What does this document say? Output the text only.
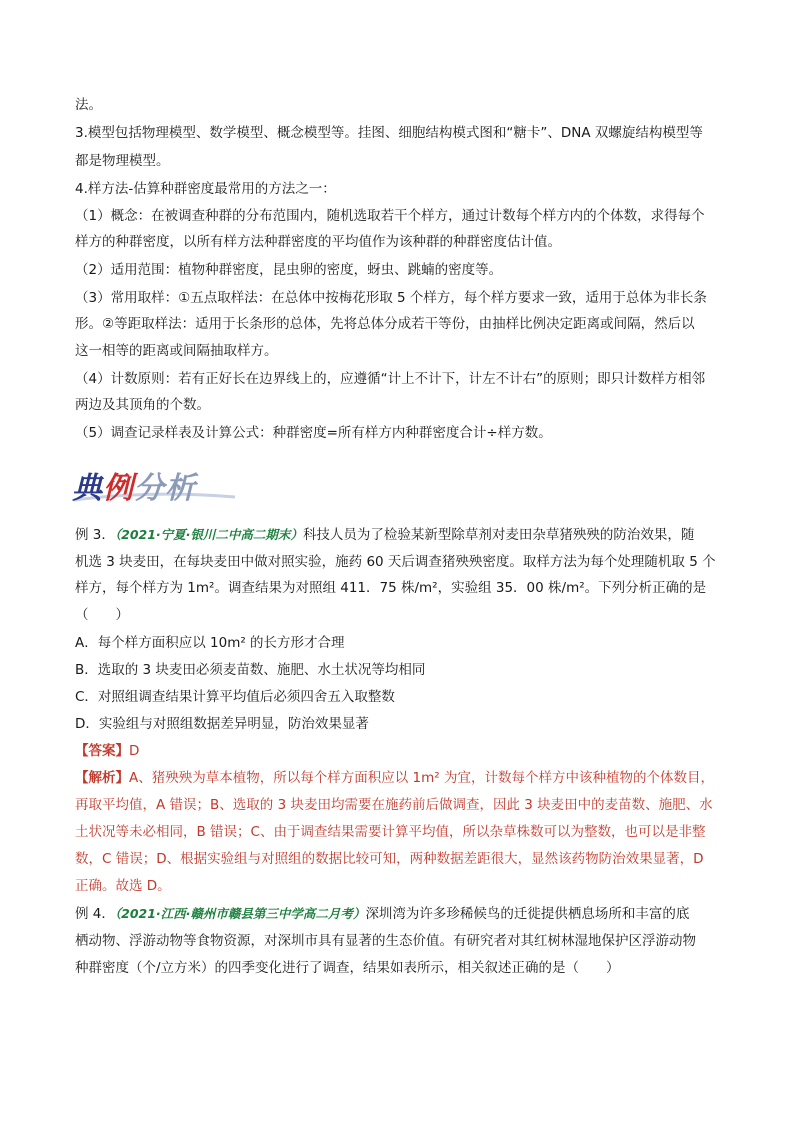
法。
3.模型包括物理模型、数学模型、概念模型等。挂图、细胞结构模式图和“糖卡”、DNA 双螺旋结构模型等
都是物理模型。
4.样方法-估算种群密度最常用的方法之一：
（1）概念：在被调查种群的分布范围内，随机选取若干个样方，通过计数每个样方内的个体数，求得每个
样方的种群密度，以所有样方法种群密度的平均值作为该种群的种群密度估计值。
（2）适用范围：植物种群密度，昆虫卵的密度，蚜虫、跳蝻的密度等。
（3）常用取样：①五点取样法：在总体中按梅花形取 5 个样方，每个样方要求一致，适用于总体为非长条
形。②等距取样法：适用于长条形的总体，先将总体分成若干等份，由抽样比例决定距离或间隔，然后以
这一相等的距离或间隔抽取样方。
（4）计数原则：若有正好长在边界线上的，应遵循“计上不计下，计左不计右”的原则；即只计数样方相邻
两边及其顶角的个数。
（5）调查记录样表及计算公式：种群密度=所有样方内种群密度合计÷样方数。
典例分析
例 3．（2021·宁夏·银川二中高二期末）科技人员为了检验某新型除草剂对麦田杂草猪殃殃的防治效果，随
机选 3 块麦田，在每块麦田中做对照实验，施药 60 天后调查猪殃殃密度。取样方法为每个处理随机取 5 个
样方，每个样方为 1m²。调查结果为对照组 411．75 株/m²，实验组 35．00 株/m²。下列分析正确的是
（　　）
A．每个样方面积应以 10m² 的长方形才合理
B．选取的 3 块麦田必须麦苗数、施肥、水土状况等均相同
C．对照组调查结果计算平均值后必须四舍五入取整数
D．实验组与对照组数据差异明显，防治效果显著
【答案】D
【解析】A、猪殃殃为草本植物，所以每个样方面积应以 1m² 为宜，计数每个样方中该种植物的个体数目，
再取平均值，A 错误；B、选取的 3 块麦田均需要在施药前后做调查，因此 3 块麦田中的麦苗数、施肥、水
土状况等未必相同，B 错误；C、由于调查结果需要计算平均值，所以杂草株数可以为整数，也可以是非整
数，C 错误；D、根据实验组与对照组的数据比较可知，两种数据差距很大，显然该药物防治效果显著，D
正确。故选 D。
例 4．（2021·江西·赣州市赣县第三中学高二月考）深圳湾为许多珍稀候鸟的迁徙提供栖息场所和丰富的底
栖动物、浮游动物等食物资源，对深圳市具有显著的生态价值。有研究者对其红树林湿地保护区浮游动物
种群密度（个/立方米）的四季变化进行了调查，结果如表所示，相关叙述正确的是（　　）
